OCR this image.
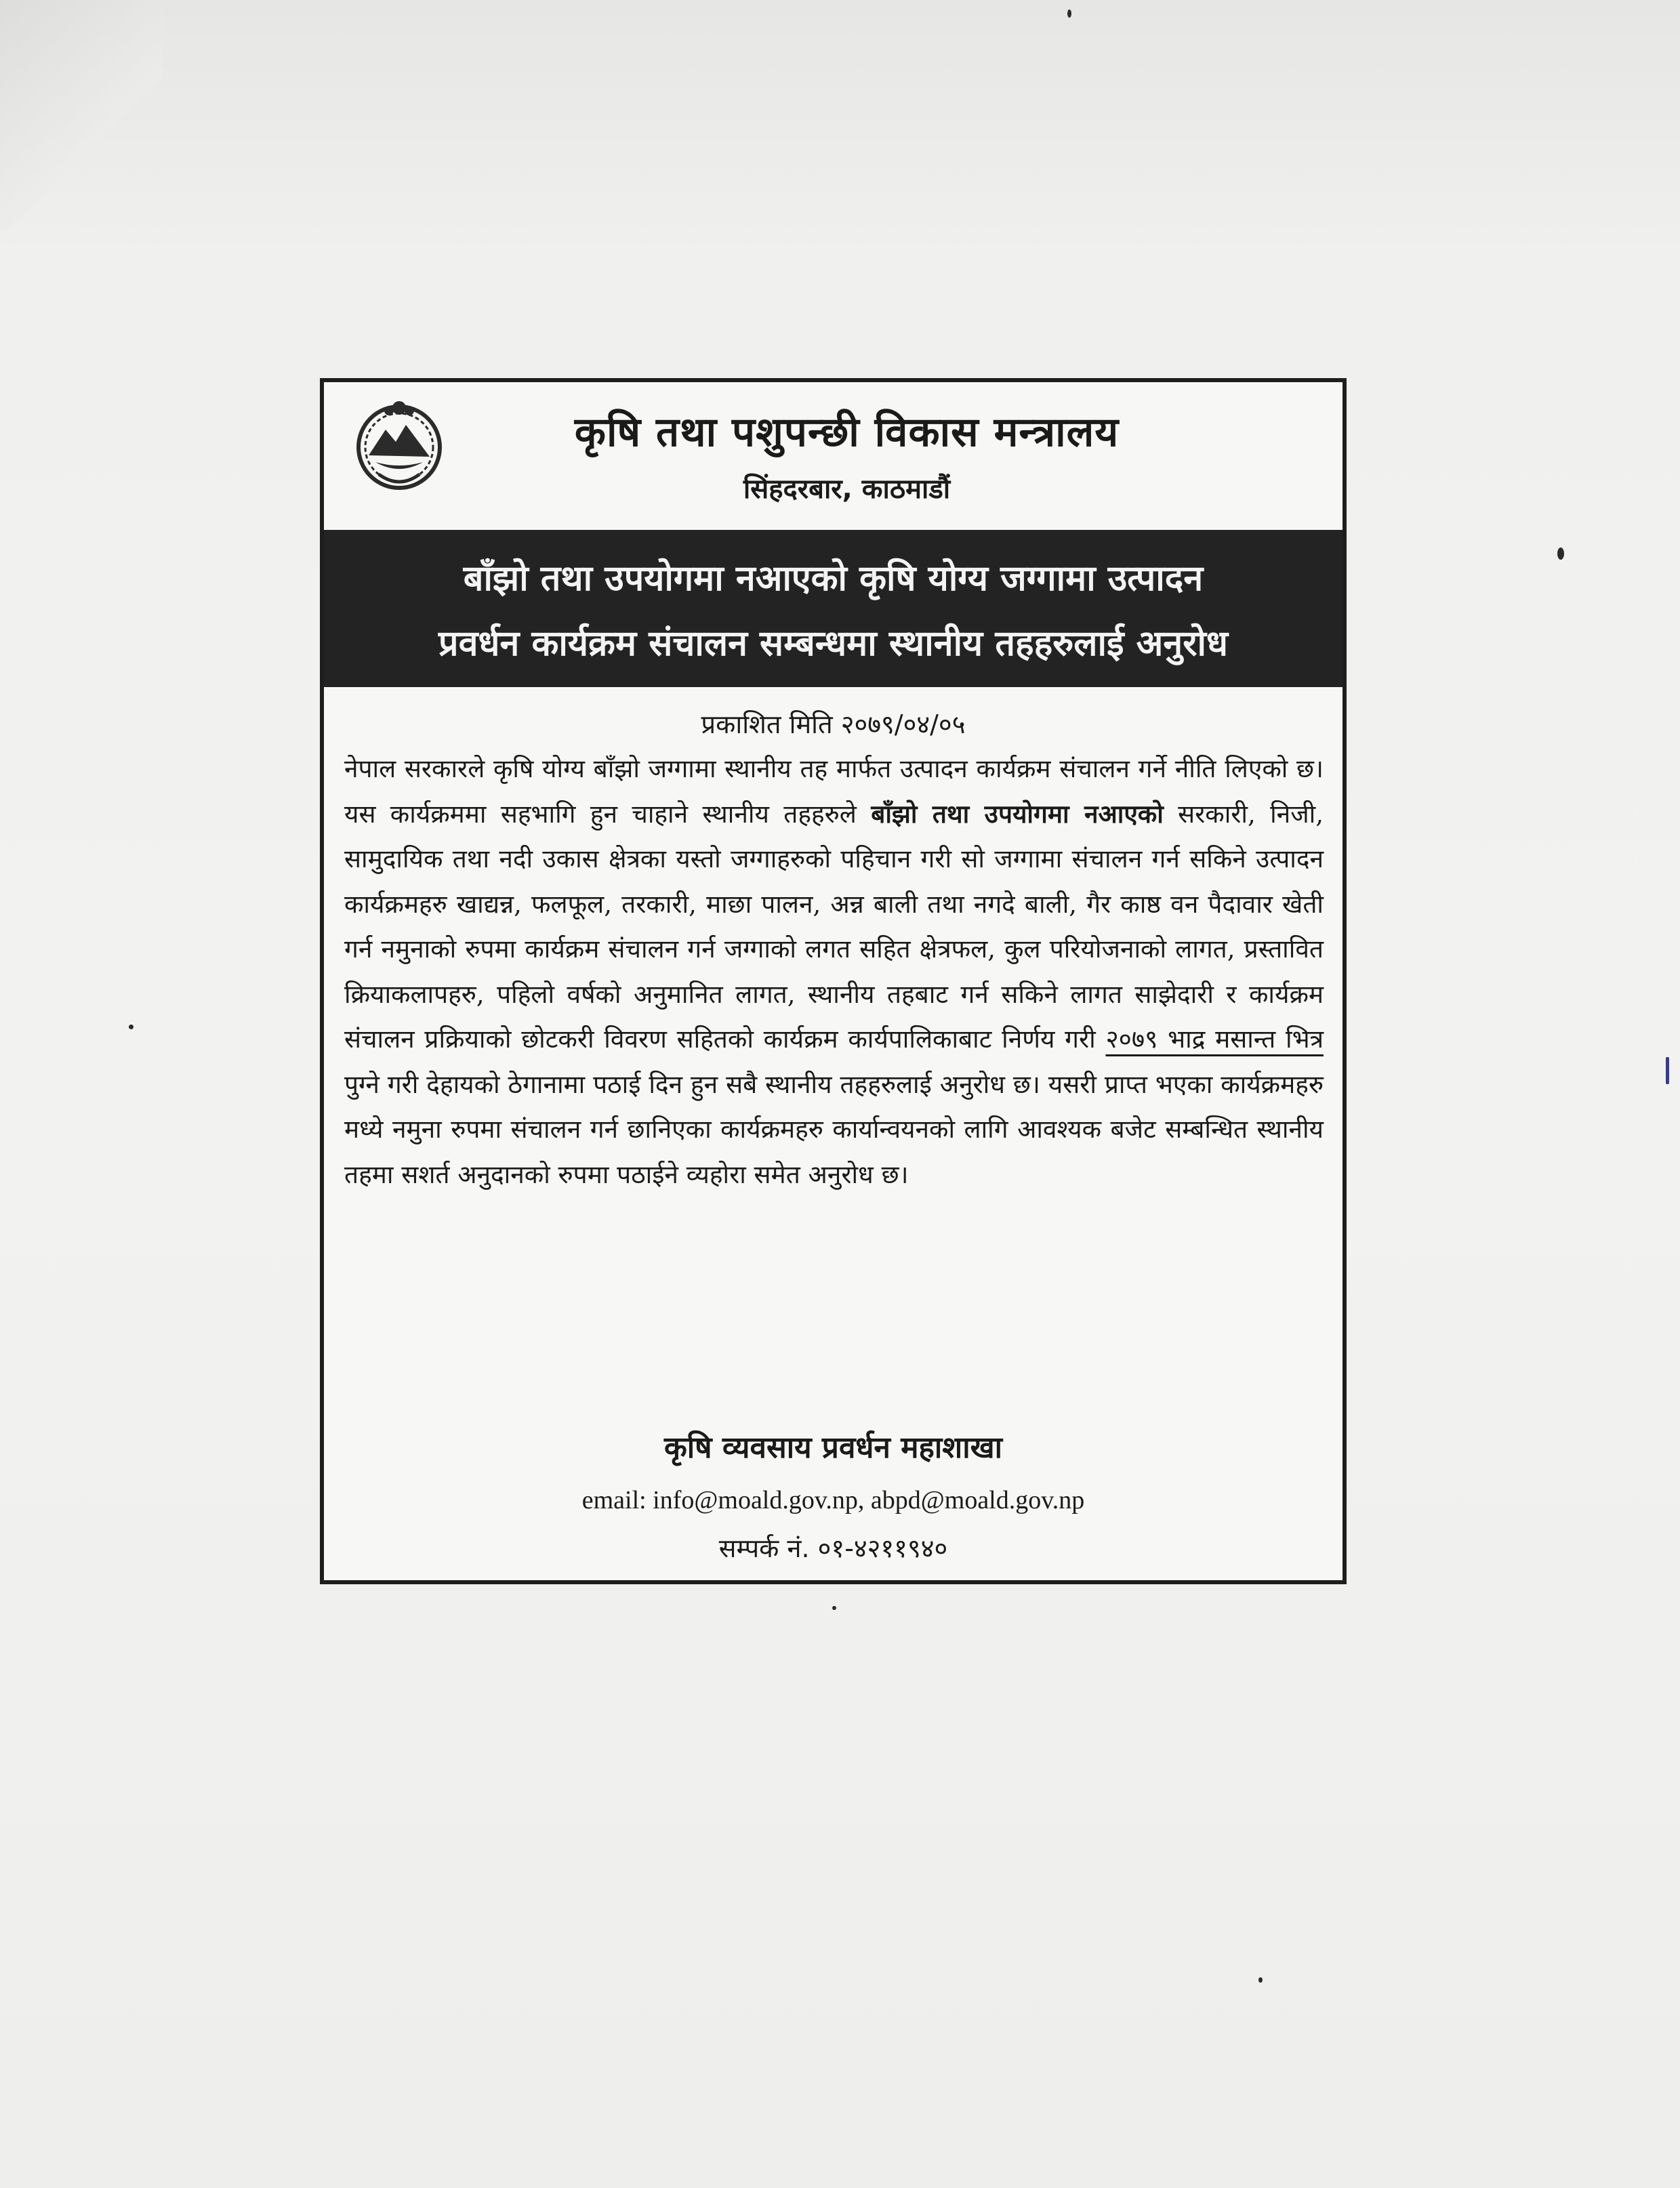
कृषि तथा पशुपन्छी विकास मन्त्रालय
सिंहदरबार, काठमाडौं
बाँझो तथा उपयोगमा नआएको कृषि योग्य जग्गामा उत्पादन
प्रवर्धन कार्यक्रम संचालन सम्बन्धमा स्थानीय तहहरुलाई अनुरोध
प्रकाशित मिति २०७९/०४/०५
नेपाल सरकारले कृषि योग्य बाँझो जग्गामा स्थानीय तह मार्फत उत्पादन कार्यक्रम संचालन गर्ने नीति लिएको छ। यस कार्यक्रममा सहभागि हुन चाहाने स्थानीय तहहरुले बाँझो तथा उपयोगमा नआएको सरकारी, निजी, सामुदायिक तथा नदी उकास क्षेत्रका यस्तो जग्गाहरुको पहिचान गरी सो जग्गामा संचालन गर्न सकिने उत्पादन कार्यक्रमहरु खाद्यन्न, फलफूल, तरकारी, माछा पालन, अन्न बाली तथा नगदे बाली, गैर काष्ठ वन पैदावार खेती गर्न नमुनाको रुपमा कार्यक्रम संचालन गर्न जग्गाको लगत सहित क्षेत्रफल, कुल परियोजनाको लागत, प्रस्तावित क्रियाकलापहरु, पहिलो वर्षको अनुमानित लागत, स्थानीय तहबाट गर्न सकिने लागत साझेदारी र कार्यक्रम संचालन प्रक्रियाको छोटकरी विवरण सहितको कार्यक्रम कार्यपालिकाबाट निर्णय गरी २०७९ भाद्र मसान्त भित्र पुग्ने गरी देहायको ठेगानामा पठाई दिन हुन सबै स्थानीय तहहरुलाई अनुरोध छ। यसरी प्राप्त भएका कार्यक्रमहरु मध्ये नमुना रुपमा संचालन गर्न छानिएका कार्यक्रमहरु कार्यान्वयनको लागि आवश्यक बजेट सम्बन्धित स्थानीय तहमा सशर्त अनुदानको रुपमा पठाईने व्यहोरा समेत अनुरोध छ।
कृषि व्यवसाय प्रवर्धन महाशाखा
email: info@moald.gov.np, abpd@moald.gov.np
सम्पर्क नं. ०१-४२११९४०
